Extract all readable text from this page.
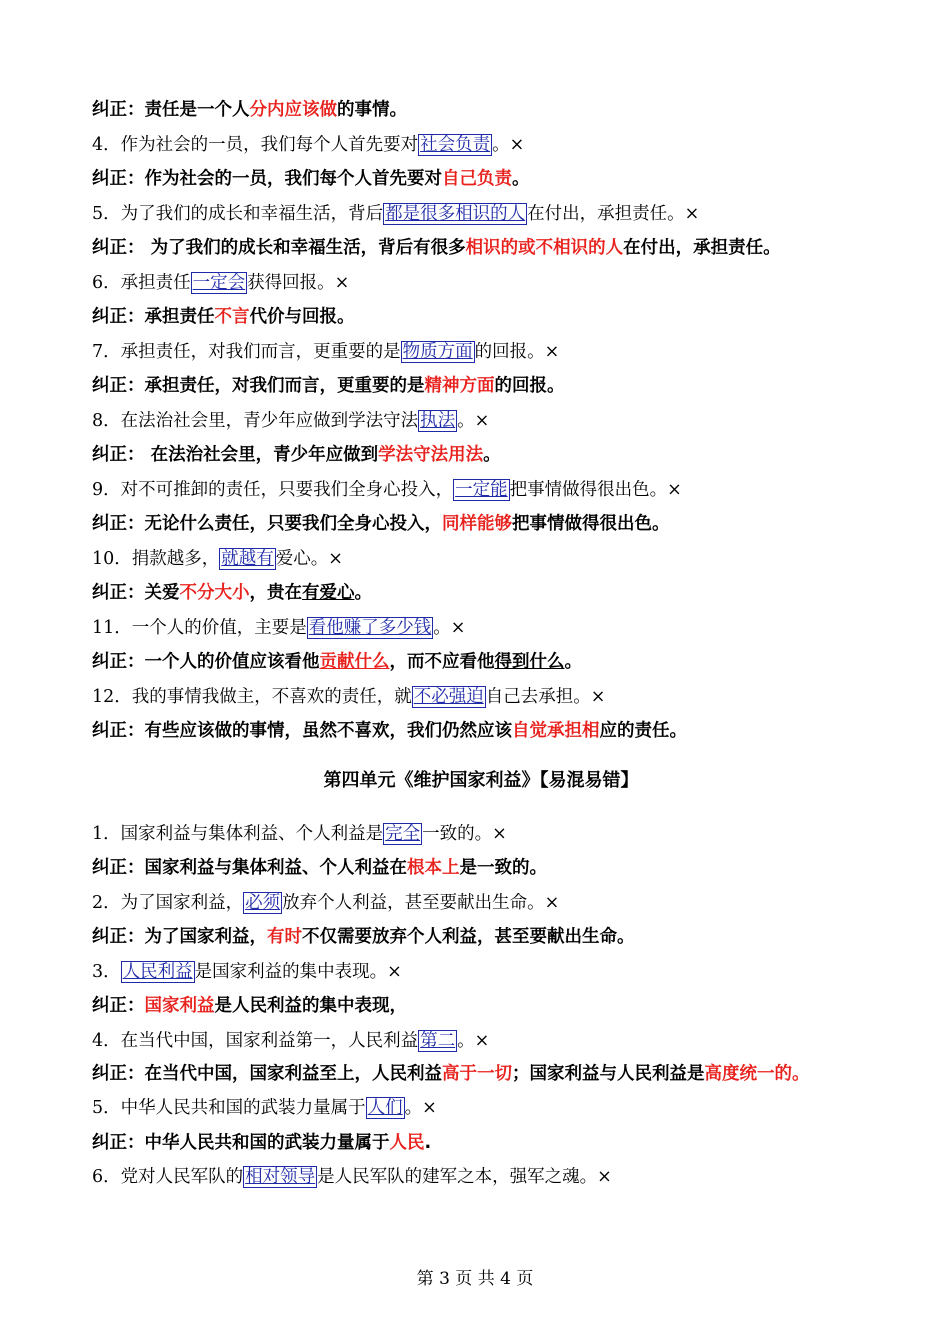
纠正：责任是一个人分内应该做的事情。
4．作为社会的一员，我们每个人首先要对 社会负责 。×
纠正：作为社会的一员，我们每个人首先要对自己负责。
5．为了我们的成长和幸福生活，背后 都是很多相识的人 在付出，承担责任。×
纠正： 为了我们的成长和幸福生活，背后有很多相识的或不相识的人在付出，承担责任。
6．承担责任 一定会 获得回报。×
纠正：承担责任不言代价与回报。
7．承担责任，对我们而言，更重要的是 物质方面 的回报。×
纠正：承担责任，对我们而言，更重要的是精神方面的回报。
8．在法治社会里，青少年应做到学法守法 执法 。×
纠正： 在法治社会里，青少年应做到学法守法用法。
9．对不可推卸的责任，只要我们全身心投入， 一定能 把事情做得很出色。×
纠正：无论什么责任，只要我们全身心投入，同样能够把事情做得很出色。
10．捐款越多， 就越有 爱心。×
纠正：关爱不分大小，贵在有爱心。
11．一个人的价值，主要是 看他赚了多少钱 。×
纠正：一个人的价值应该看他贡献什么，而不应看他得到什么。
12．我的事情我做主，不喜欢的责任，就 不必强迫 自己去承担。×
纠正：有些应该做的事情，虽然不喜欢，我们仍然应该自觉承担相应的责任。
第四单元《维护国家利益》【易混易错】
1．国家利益与集体利益、个人利益是 完全 一致的。×
纠正：国家利益与集体利益、个人利益在根本上是一致的。
2．为了国家利益， 必须 放弃个人利益，甚至要献出生命。×
纠正：为了国家利益，有时不仅需要放弃个人利益，甚至要献出生命。
3． 人民利益 是国家利益的集中表现。×
纠正：国家利益是人民利益的集中表现，
4．在当代中国，国家利益第一，人民利益 第二 。×
纠正：在当代中国，国家利益至上，人民利益高于一切；国家利益与人民利益是高度统一的。
5．中华人民共和国的武装力量属于 人们 。×
纠正：中华人民共和国的武装力量属于人民.
6．党对人民军队的 相对领导 是人民军队的建军之本，强军之魂。×
第 3 页 共 4 页
